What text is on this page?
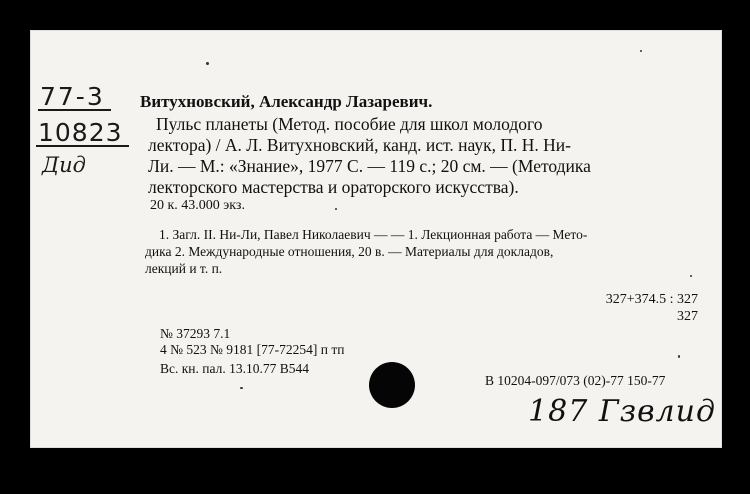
77-3
10823
Дид
Витухновский, Александр Лазаревич.
Пульс планеты (Метод. пособие для школ молодого
лектора) / А. Л. Витухновский, канд. ист. наук, П. Н. Ни-
Ли. — М.: «Знание», 1977 С. — 119 с.; 20 см. — (Методика
лекторского мастерства и ораторского искусства).
20 к. 43.000 экз.
1. Загл. II. Ни-Ли, Павел Николаевич — — 1. Лекционная работа — Мето-
дика 2. Международные отношения, 20 в. — Материалы для докладов,
лекций и т. п.
327+374.5 : 327
327
№ 37293 7.1
4 № 523 № 9181 [77-72254] п тп
Вс. кн. пал. 13.10.77 В544
В 10204-097/073 (02)-77 150-77
187 Гзвлид
